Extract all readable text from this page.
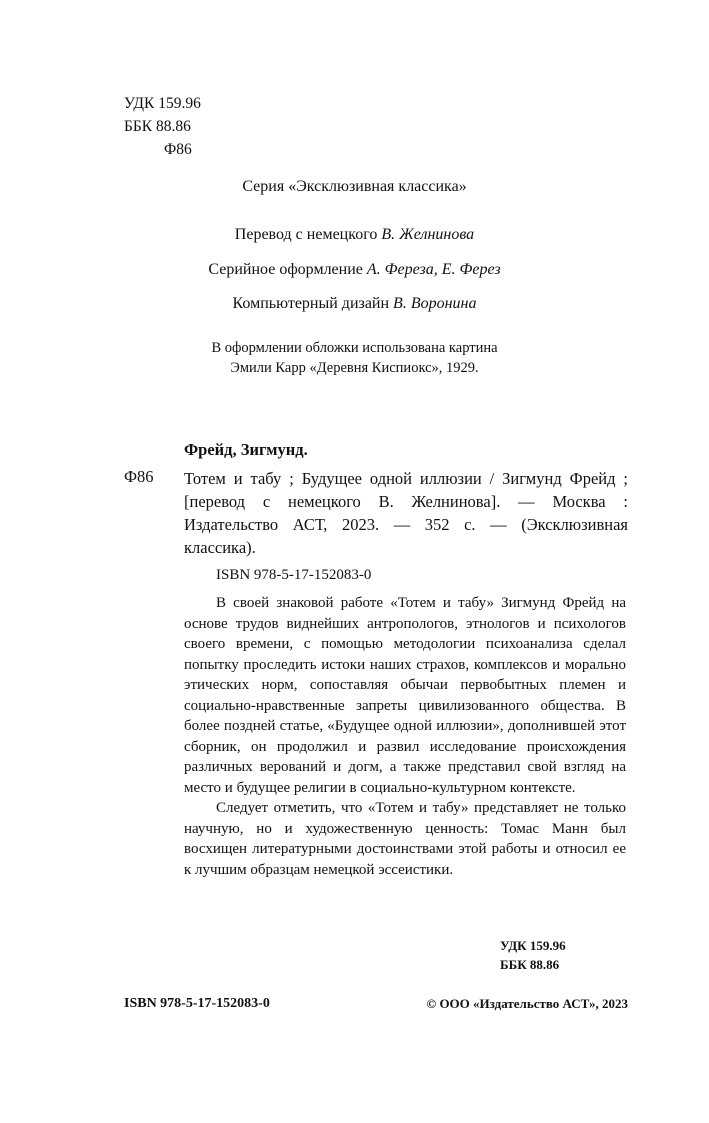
УДК 159.96
ББК 88.86
Ф86
Серия «Эксклюзивная классика»
Перевод с немецкого В. Желнинова
Серийное оформление А. Фереза, Е. Ферез
Компьютерный дизайн В. Воронина
В оформлении обложки использована картина
Эмили Карр «Деревня Киспиокс», 1929.
Фрейд, Зигмунд.
Ф86 Тотем и табу ; Будущее одной иллюзии / Зигмунд Фрейд ; [перевод с немецкого В. Желнинова]. — Москва : Издательство АСТ, 2023. — 352 с. — (Эксклюзивная классика).
ISBN 978-5-17-152083-0

В своей знаковой работе «Тотем и табу» Зигмунд Фрейд на основе трудов виднейших антропологов, этнологов и психологов своего времени, с помощью методологии психоанализа сделал попытку проследить истоки наших страхов, комплексов и морально этических норм, сопоставляя обычаи первобытных племен и социально-нравственные запреты цивилизованного общества. В более поздней статье, «Будущее одной иллюзии», дополнившей этот сборник, он продолжил и развил исследование происхождения различных верований и догм, а также представил свой взгляд на место и будущее религии в социально-культурном контексте.

Следует отметить, что «Тотем и табу» представляет не только научную, но и художественную ценность: Томас Манн был восхищен литературными достоинствами этой работы и относил ее к лучшим образцам немецкой эссеистики.

УДК 159.96
ББК 88.86
ISBN 978-5-17-152083-0	© ООО «Издательство АСТ», 2023
